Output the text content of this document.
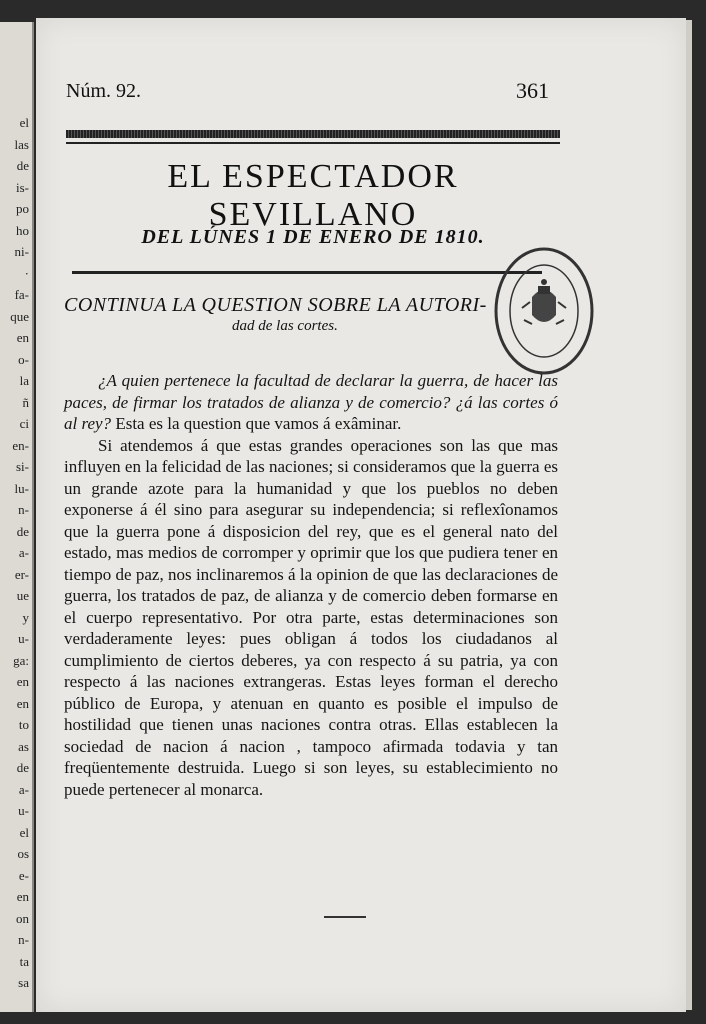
el
las
de
is-
po
ho
ni-
·
fa-
que
en
o-
la
ñ
ci
en-
si-
lu-
n-
de
a-
er-
ue
y
u-
ga:
en
en
to
as
de
a-
u-
el
os
e-
en
on
n-
ta
sa
Núm. 92.	361
EL ESPECTADOR SEVILLANO
DEL LÚNES 1 DE ENERO DE 1810.
CONTINUA LA QUESTION SOBRE LA AUTORI-
dad de las cortes.

¿A quien pertenece la facultad de declarar la guerra, de hacer las paces, de firmar los tratados de alianza y de comercio? ¿á las cortes ó al rey? Esta es la question que vamos á exâminar.

Si atendemos á que estas grandes operaciones son las que mas influyen en la felicidad de las naciones; si consideramos que la guerra es un grande azote para la humanidad y que los pueblos no deben exponerse á él sino para asegurar su independencia; si reflexîonamos que la guerra pone á disposicion del rey, que es el general nato del estado, mas medios de corromper y oprimir que los que pudiera tener en tiempo de paz, nos inclinaremos á la opinion de que las declaraciones de guerra, los tratados de paz, de alianza y de comercio deben formarse en el cuerpo representativo. Por otra parte, estas determinaciones son verdaderamente leyes: pues obligan á todos los ciudadanos al cumplimiento de ciertos deberes, ya con respecto á su patria, ya con respecto á las naciones extrangeras. Estas leyes forman el derecho público de Europa, y atenuan en quanto es posible el impulso de hostilidad que tienen unas naciones contra otras. Ellas establecen la sociedad de nacion á nacion , tampoco afirmada todavia y tan freqüentemente destruida. Luego si son leyes, su establecimiento no puede pertenecer al monarca.
